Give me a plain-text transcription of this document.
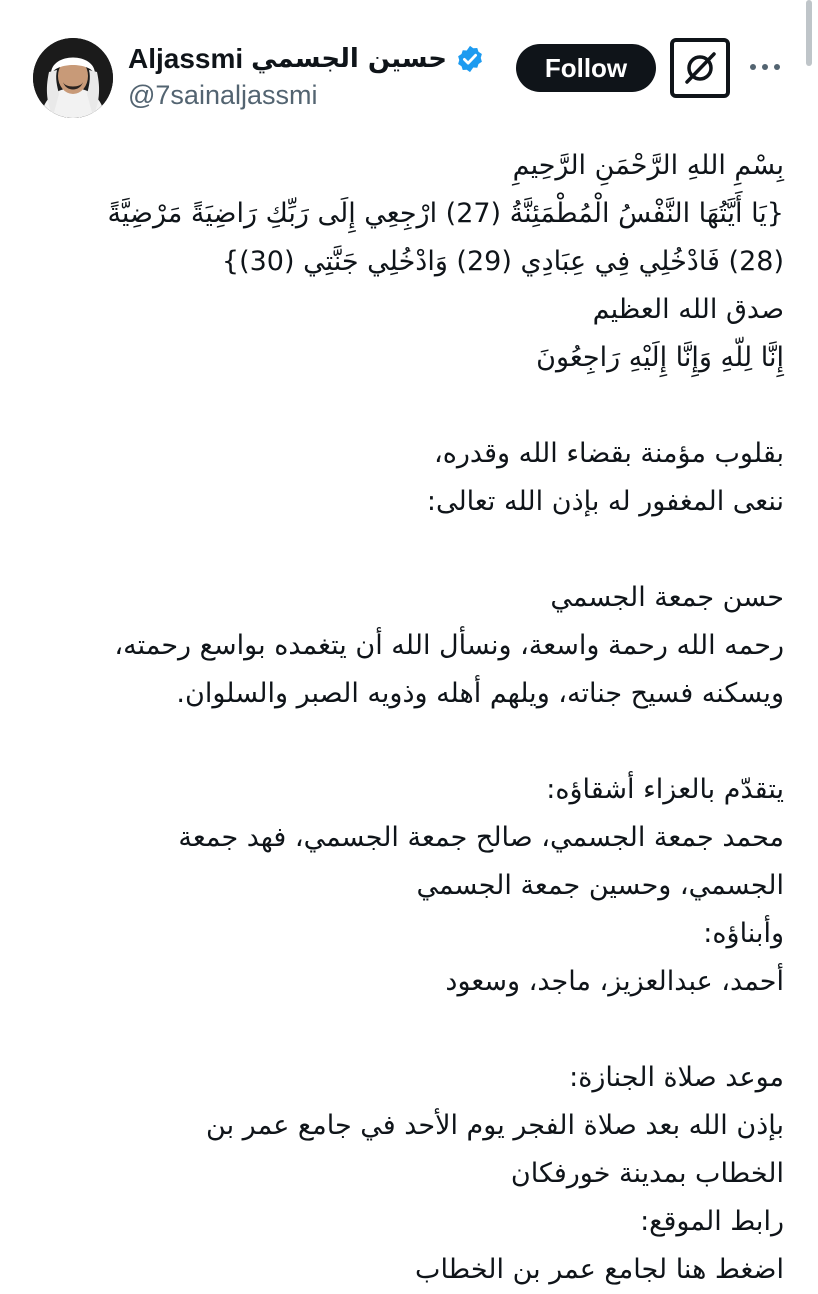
Aljassmi حسين الجسمي
@7sainaljassmi
Follow
بِسْمِ اللهِ الرَّحْمَنِ الرَّحِيمِ
{يَا أَيَّتُهَا النَّفْسُ الْمُطْمَئِنَّةُ (27) ارْجِعِي إِلَى رَبِّكِ رَاضِيَةً مَرْضِيَّةً
(28) فَادْخُلِي فِي عِبَادِي (29) وَادْخُلِي جَنَّتِي (30)}
صدق الله العظيم
إِنَّا لِلّهِ وَإِنَّا إِلَيْهِ رَاجِعُونَ
بقلوب مؤمنة بقضاء الله وقدره،
ننعى المغفور له بإذن الله تعالى:
حسن جمعة الجسمي
رحمه الله رحمة واسعة، ونسأل الله أن يتغمده بواسع رحمته،
ويسكنه فسيح جناته، ويلهم أهله وذويه الصبر والسلوان.
يتقدّم بالعزاء أشقاؤه:
محمد جمعة الجسمي، صالح جمعة الجسمي، فهد جمعة
الجسمي، وحسين جمعة الجسمي
وأبناؤه:
أحمد، عبدالعزيز، ماجد، وسعود
موعد صلاة الجنازة:
بإذن الله بعد صلاة الفجر يوم الأحد في جامع عمر بن
الخطاب بمدينة خورفكان
رابط الموقع:
اضغط هنا لجامع عمر بن الخطاب
